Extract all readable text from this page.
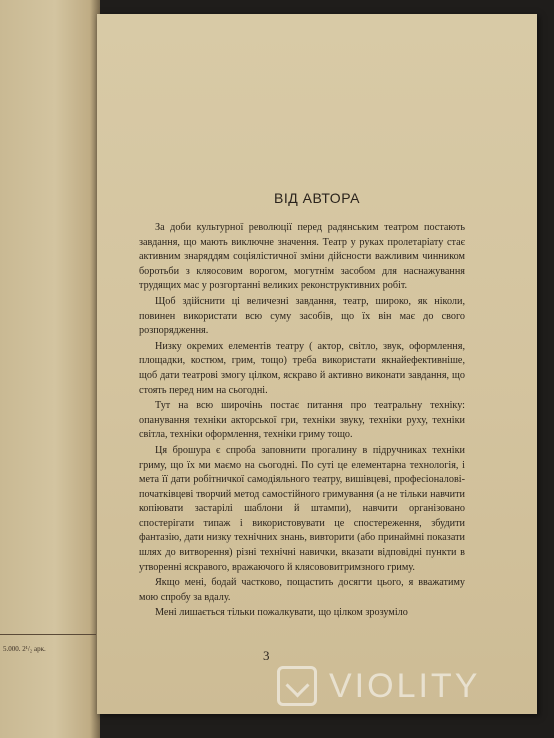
5.000. 2¹/₂ арк.
ВІД АВТОРА

За доби культурної революції перед радянським театром постають завдання, що мають виключне значення. Театр у руках пролетаріату стає активним знаряддям соціялістичної зміни дійсности важливим чинником боротьби з кляосовим ворогом, могутнім засобом для наснажування трудящих мас у розгортанні великих реконструктивних робіт.

Щоб здійснити ці величезні завдання, театр, широко, як ніколи, повинен використати всю суму засобів, що їх він має до свого розпорядження.

Низку окремих елементів театру ( актор, світло, звук, оформлення, площадки, костюм, грим, тощо) треба використати якнайефективніше, щоб дати театрові змогу цілком, яскраво й активно виконати завдання, що стоять перед ним на сьогодні.

Тут на всю широчінь постає питання про театральну техніку: опанування техніки акторської гри, техніки звуку, техніки руху, техніки світла, техніки оформлення, техніки гриму тощо.

Ця брошура є спроба заповнити прогалину в підручниках техніки гриму, що їх ми маємо на сьогодні. По суті це елементарна технологія, і мета її дати робітничкої самодіяльного театру, вишівцеві, професіоналові-початківцеві творчий метод самостійного гримування (а не тільки навчити копіювати застарілі шаблони й штампи), навчити організовано спостерігати типаж і використовувати це спостереження, збудити фантазію, дати низку технічних знань, вивторити (або принаймні показати шлях до витворення) різні технічні навички, вказати відповідні пункти в утворенні яскравого, вражаючого й клясововитримзного гриму.

Якщо мені, бодай частково, пощастить досягти цього, я вважатиму мою спробу за вдалу.

Мені лишається тільки пожалкувати, що цілком зрозуміло

3
VIOLITY
